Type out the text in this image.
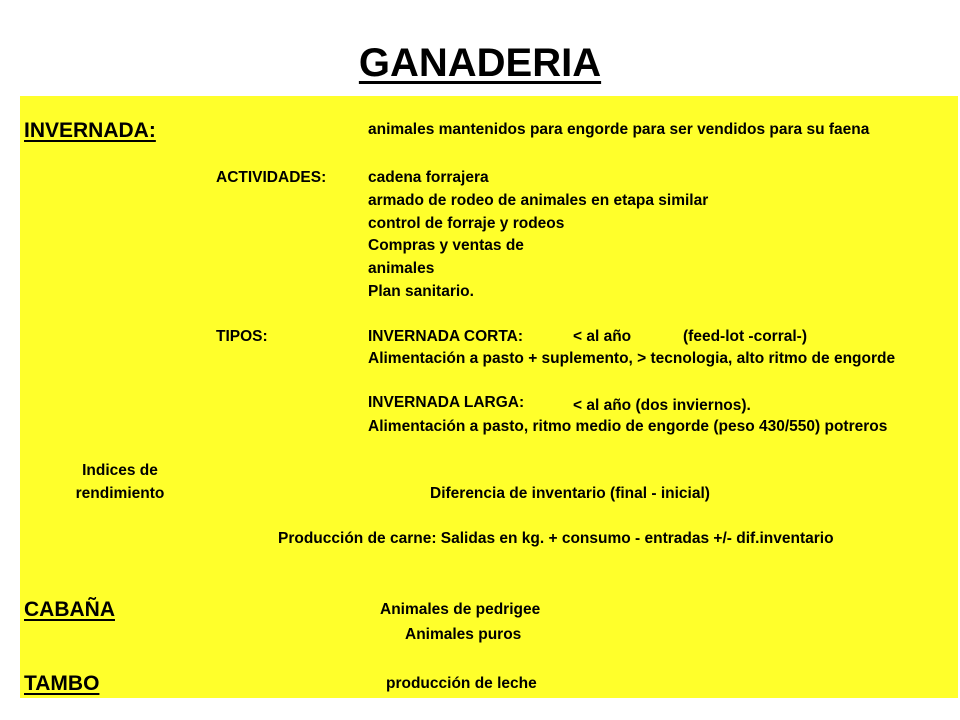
GANADERIA
INVERNADA:	animales mantenidos para engorde para ser vendidos para su faena
ACTIVIDADES:	cadena forrajera
armado de rodeo de animales en etapa similar
control de forraje y rodeos
Compras y ventas de
animales
Plan sanitario.
TIPOS:	INVERNADA CORTA:	< al año	(feed-lot -corral-)
Alimentación a pasto + suplemento, > tecnologia, alto ritmo de engorde
INVERNADA LARGA:	< al año (dos inviernos).
Alimentación a pasto, ritmo medio de engorde (peso 430/550) potreros
Indices de
rendimiento	Diferencia de inventario (final - inicial)
Producción de carne: Salidas en kg. + consumo - entradas +/- dif.inventario
CABAÑA	Animales de pedrigee
Animales puros
TAMBO	producción de leche
